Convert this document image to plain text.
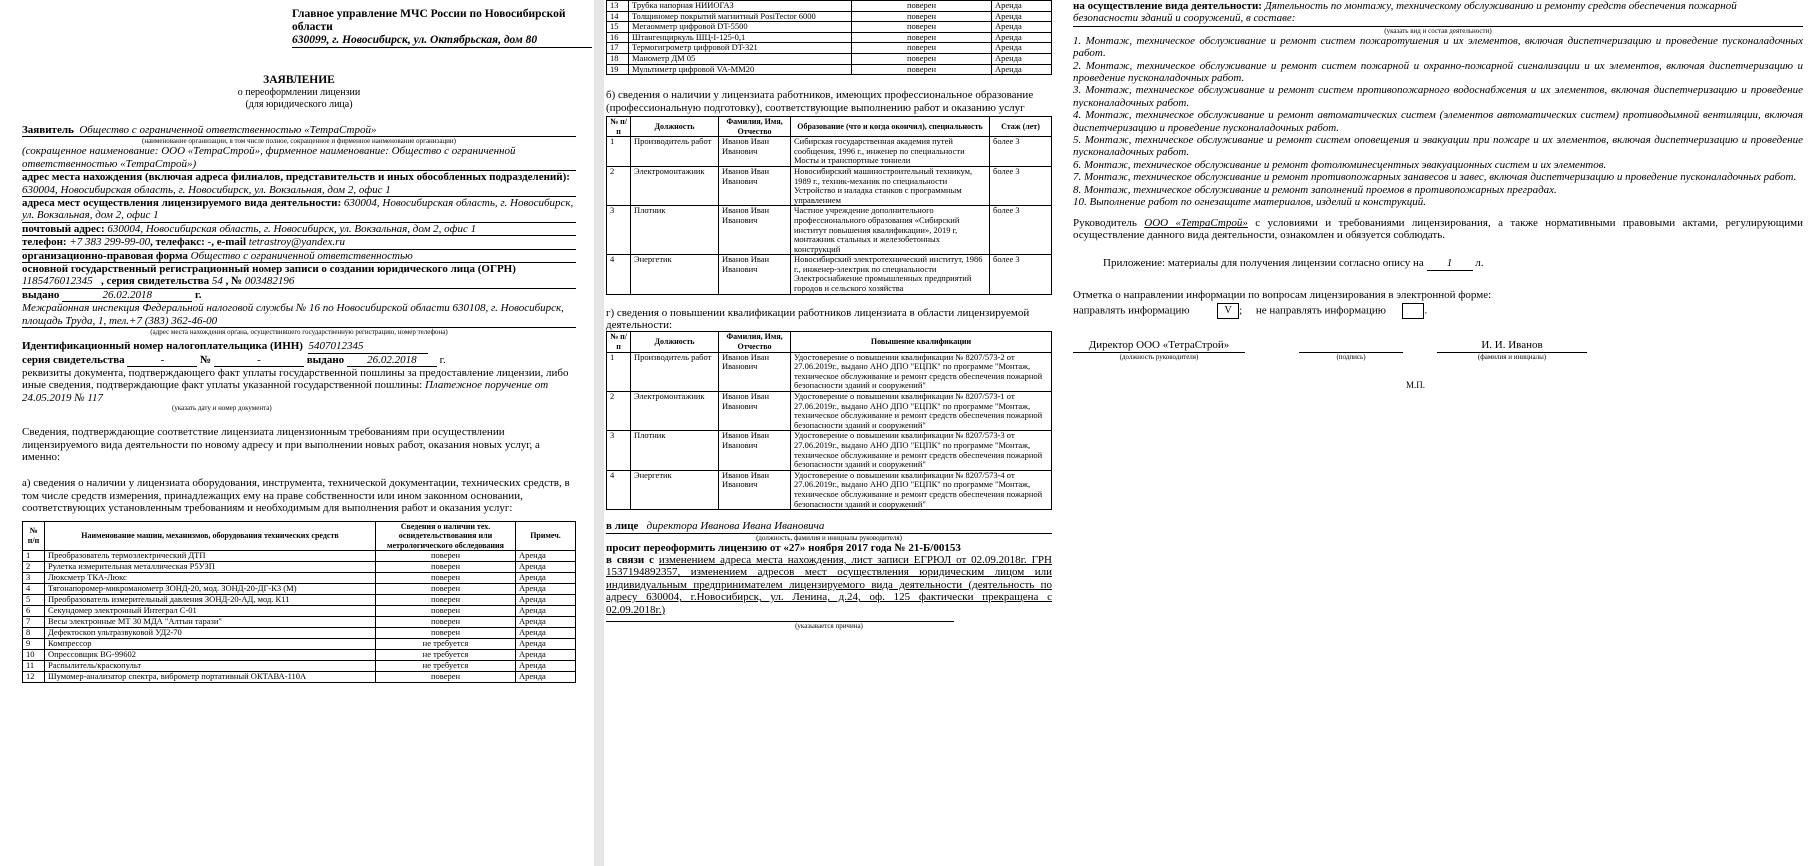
Главное управление МЧС России по Новосибирской области
630099, г. Новосибирск, ул. Октябрьская, дом 80
ЗАЯВЛЕНИЕ
о переоформлении лицензии
(для юридического лица)
Заявитель Общество с ограниченной ответственностью «ТетраСтрой»
(наименование организации, в том числе полное, сокращенное и фирменное наименование организации)
(сокращенное наименование: ООО «ТетраСтрой», фирменное наименование: Общество с ограниченной ответственностью «ТетраСтрой»)
адрес места нахождения (включая адреса филиалов, представительств и иных обособленных подразделений): 630004, Новосибирская область, г. Новосибирск, ул. Вокзальная, дом 2, офис 1
адреса мест осуществления лицензируемого вида деятельности: 630004, Новосибирская область, г. Новосибирск, ул. Вокзальная, дом 2, офис 1
почтовый адрес: 630004, Новосибирская область, г. Новосибирск, ул. Вокзальная, дом 2, офис 1
телефон: +7 383 299-99-00, телефакс: -, e-mail tetrastroy@yandex.ru
организационно-правовая форма Общество с ограниченной ответственностью
основной государственный регистрационный номер записи о создании юридического лица (ОГРН)
1185476012345 , серия свидетельства 54 , № 003482196
выдано	26.02.2018	г.
Межрайонная инспекция Федеральной налоговой службы № 16 по Новосибирской области 630108, г. Новосибирск, площадь Труда, 1, тел.+7 (383) 362-46-00
(адрес места нахождения органа, осуществившего государственную регистрацию, номер телефона)
Идентификационный номер налогоплательщика (ИНН) 5407012345
серия свидетельства	-	№	-	выдано 26.02.2018 г.
реквизиты документа, подтверждающего факт уплаты государственной пошлины за предоставление лицензии, либо иные сведения, подтверждающие факт уплаты указанной государственной пошлины: Платежное поручение от 24.05.2019 № 117
(указать дату и номер документа)
Сведения, подтверждающие соответствие лицензиата лицензионным требованиям при осуществлении лицензируемого вида деятельности по новому адресу и при выполнении новых работ, оказания новых услуг, а именно:
а) сведения о наличии у лицензиата оборудования, инструмента, технической документации, технических средств, в том числе средств измерения, принадлежащих ему на праве собственности или ином законном основании, соответствующих установленным требованиям и необходимым для выполнения работ и оказания услуг:
№ п/п	Наименование машин, механизмов, оборудования технических средств	Сведения о наличии тех. освидетельствования или метрологического обследования	Примеч.
1	Преобразователь термоэлектрический ДТП	поверен	Аренда
2	Рулетка измерительная металлическая Р5УЗП	поверен	Аренда
3	Люксметр ТКА-Люкс	поверен	Аренда
4	Тягонапоромер-микроманометр ЗОНД-20, мод. ЗОНД-20-ДГ-К3 (М)	поверен	Аренда
5	Преобразователь измерительный давления ЗОНД-20-АД, мод. К11	поверен	Аренда
6	Секундомер электронный Интеграл С-01	поверен	Аренда
7	Весы электронные МТ 30 МДА "Алтын тарази"	поверен	Аренда
8	Дефектоскоп ультразвуковой УД2-70	поверен	Аренда
9	Компрессор	не требуется	Аренда
10	Опрессовщик ВG-99602	не требуется	Аренда
11	Распылитель/краскопульт	не требуется	Аренда
12	Шумомер-анализатор спектра, виброметр портативный ОКТАВА-110А	поверен	Аренда
13	Трубка напорная НИИОГАЗ	поверен	Аренда
14	Толщиномер покрытий магнитный PosiTector 6000	поверен	Аренда
15	Мегаомметр цифровой DT-5500	поверен	Аренда
16	Штангенциркуль ШЦ-I-125-0,1	поверен	Аренда
17	Термогигрометр цифровой DT-321	поверен	Аренда
18	Манометр ДМ 05	поверен	Аренда
19	Мультиметр цифровой VA-MM20	поверен	Аренда
б) сведения о наличии у лицензиата работников, имеющих профессиональное образование (профессиональную подготовку), соответствующие выполнению работ и оказанию услуг
№ п/п	Должность	Фамилия, Имя, Отчество	Образование (что и когда окончил), специальность	Стаж (лет)
1	Производитель работ	Иванов Иван Иванович	Сибирская государственная академия путей сообщения, 1996 г., инженер по специальности Мосты и транспортные тоннели	более 3
2	Электромонтажник	Иванов Иван Иванович	Новосибирский машиностроительный техникум, 1989 г., техник-механик по специальности Устройство и наладка станков с программным управлением	более 3
3	Плотник	Иванов Иван Иванович	Частное учреждение дополнительного профессионального образования «Сибирский институт повышения квалификации», 2019 г, монтажник стальных и железобетонных конструкций	более 3
4	Энергетик	Иванов Иван Иванович	Новосибирский электротехнический институт, 1986 г., инженер-электрик по специальности Электроснабжение промышленных предприятий городов и сельского хозяйства	более 3
г) сведения о повышении квалификации работников лицензиата в области лицензируемой деятельности:
№ п/п	Должность	Фамилия, Имя, Отчество	Повышение квалификации
1	Производитель работ	Иванов Иван Иванович	Удостоверение о повышении квалификации № 8207/573-2 от 27.06.2019г., выдано АНО ДПО "ЕЦПК" по программе "Монтаж, техническое обслуживание и ремонт средств обеспечения пожарной безопасности зданий и сооружений"
2	Электромонтажник	Иванов Иван Иванович	Удостоверение о повышении квалификации № 8207/573-1 от 27.06.2019г., выдано АНО ДПО "ЕЦПК" по программе "Монтаж, техническое обслуживание и ремонт средств обеспечения пожарной безопасности зданий и сооружений"
3	Плотник	Иванов Иван Иванович	Удостоверение о повышении квалификации № 8207/573-3 от 27.06.2019г., выдано АНО ДПО "ЕЦПК" по программе "Монтаж, техническое обслуживание и ремонт средств обеспечения пожарной безопасности зданий и сооружений"
4	Энергетик	Иванов Иван Иванович	Удостоверение о повышении квалификации № 8207/573-4 от 27.06.2019г., выдано АНО ДПО "ЕЦПК" по программе "Монтаж, техническое обслуживание и ремонт средств обеспечения пожарной безопасности зданий и сооружений"
в лице директора Иванова Ивана Ивановича
(должность, фамилия и инициалы руководителя)
просит переоформить лицензию от «27» ноября 2017 года № 21-Б/00153
в связи с изменением адреса места нахождения, лист записи ЕГРЮЛ от 02.09.2018г. ГРН 1537194892357, изменением адресов мест осуществления юридическим лицом или индивидуальным предпринимателем лицензируемого вида деятельности (деятельность по адресу 630004, г.Новосибирск, ул. Ленина, д.24, оф. 125 фактически прекращена с 02.09.2018г.)
(указывается причина)
на осуществление вида деятельности: Дятельность по монтажу, техническому обслуживанию и ремонту средств обеспечения пожарной безопасности зданий и сооружений, в составе:
(указать вид и состав деятельности)
1. Монтаж, техническое обслуживание и ремонт систем пожаротушения и их элементов, включая диспетчеризацию и проведение пусконаладочных работ.
2. Монтаж, техническое обслуживание и ремонт систем пожарной и охранно-пожарной сигнализации и их элементов, включая диспетчеризацию и проведение пусконаладочных работ.
3. Монтаж, техническое обслуживание и ремонт систем противопожарного водоснабжения и их элементов, включая диспетчеризацию и проведение пусконаладочных работ.
4. Монтаж, техническое обслуживание и ремонт автоматических систем (элементов автоматических систем) противодымной вентиляции, включая диспетчеризацию и проведение пусконаладочных работ.
5. Монтаж, техническое обслуживание и ремонт систем оповещения и эвакуации при пожаре и их элементов, включая диспетчеризацию и проведение пусконаладочных работ.
6. Монтаж, техническое обслуживание и ремонт фотолюминесцентных эвакуационных систем и их элементов.
7. Монтаж, техническое обслуживание и ремонт противопожарных занавесов и завес, включая диспетчеризацию и проведение пусконаладочных работ.
8. Монтаж, техническое обслуживание и ремонт заполнений проемов в противопожарных преградах.
10. Выполнение работ по огнезащите материалов, изделий и конструкций.
Руководитель ООО «ТетраСтрой» с условиями и требованиями лицензирования, а также нормативными правовыми актами, регулирующими осуществление данного вида деятельности, ознакомлен и обязуется соблюдать.
Приложение: материалы для получения лицензии согласно опису на 1 л.
Отметка о направлении информации по вопросам лицензирования в электронной форме:
направлять информацию	V ; не направлять информацию	.
Директор ООО «ТетраСтрой»	И. И. Иванов
(должность руководителя)	(подпись)	(фамилия и инициалы)
М.П.
